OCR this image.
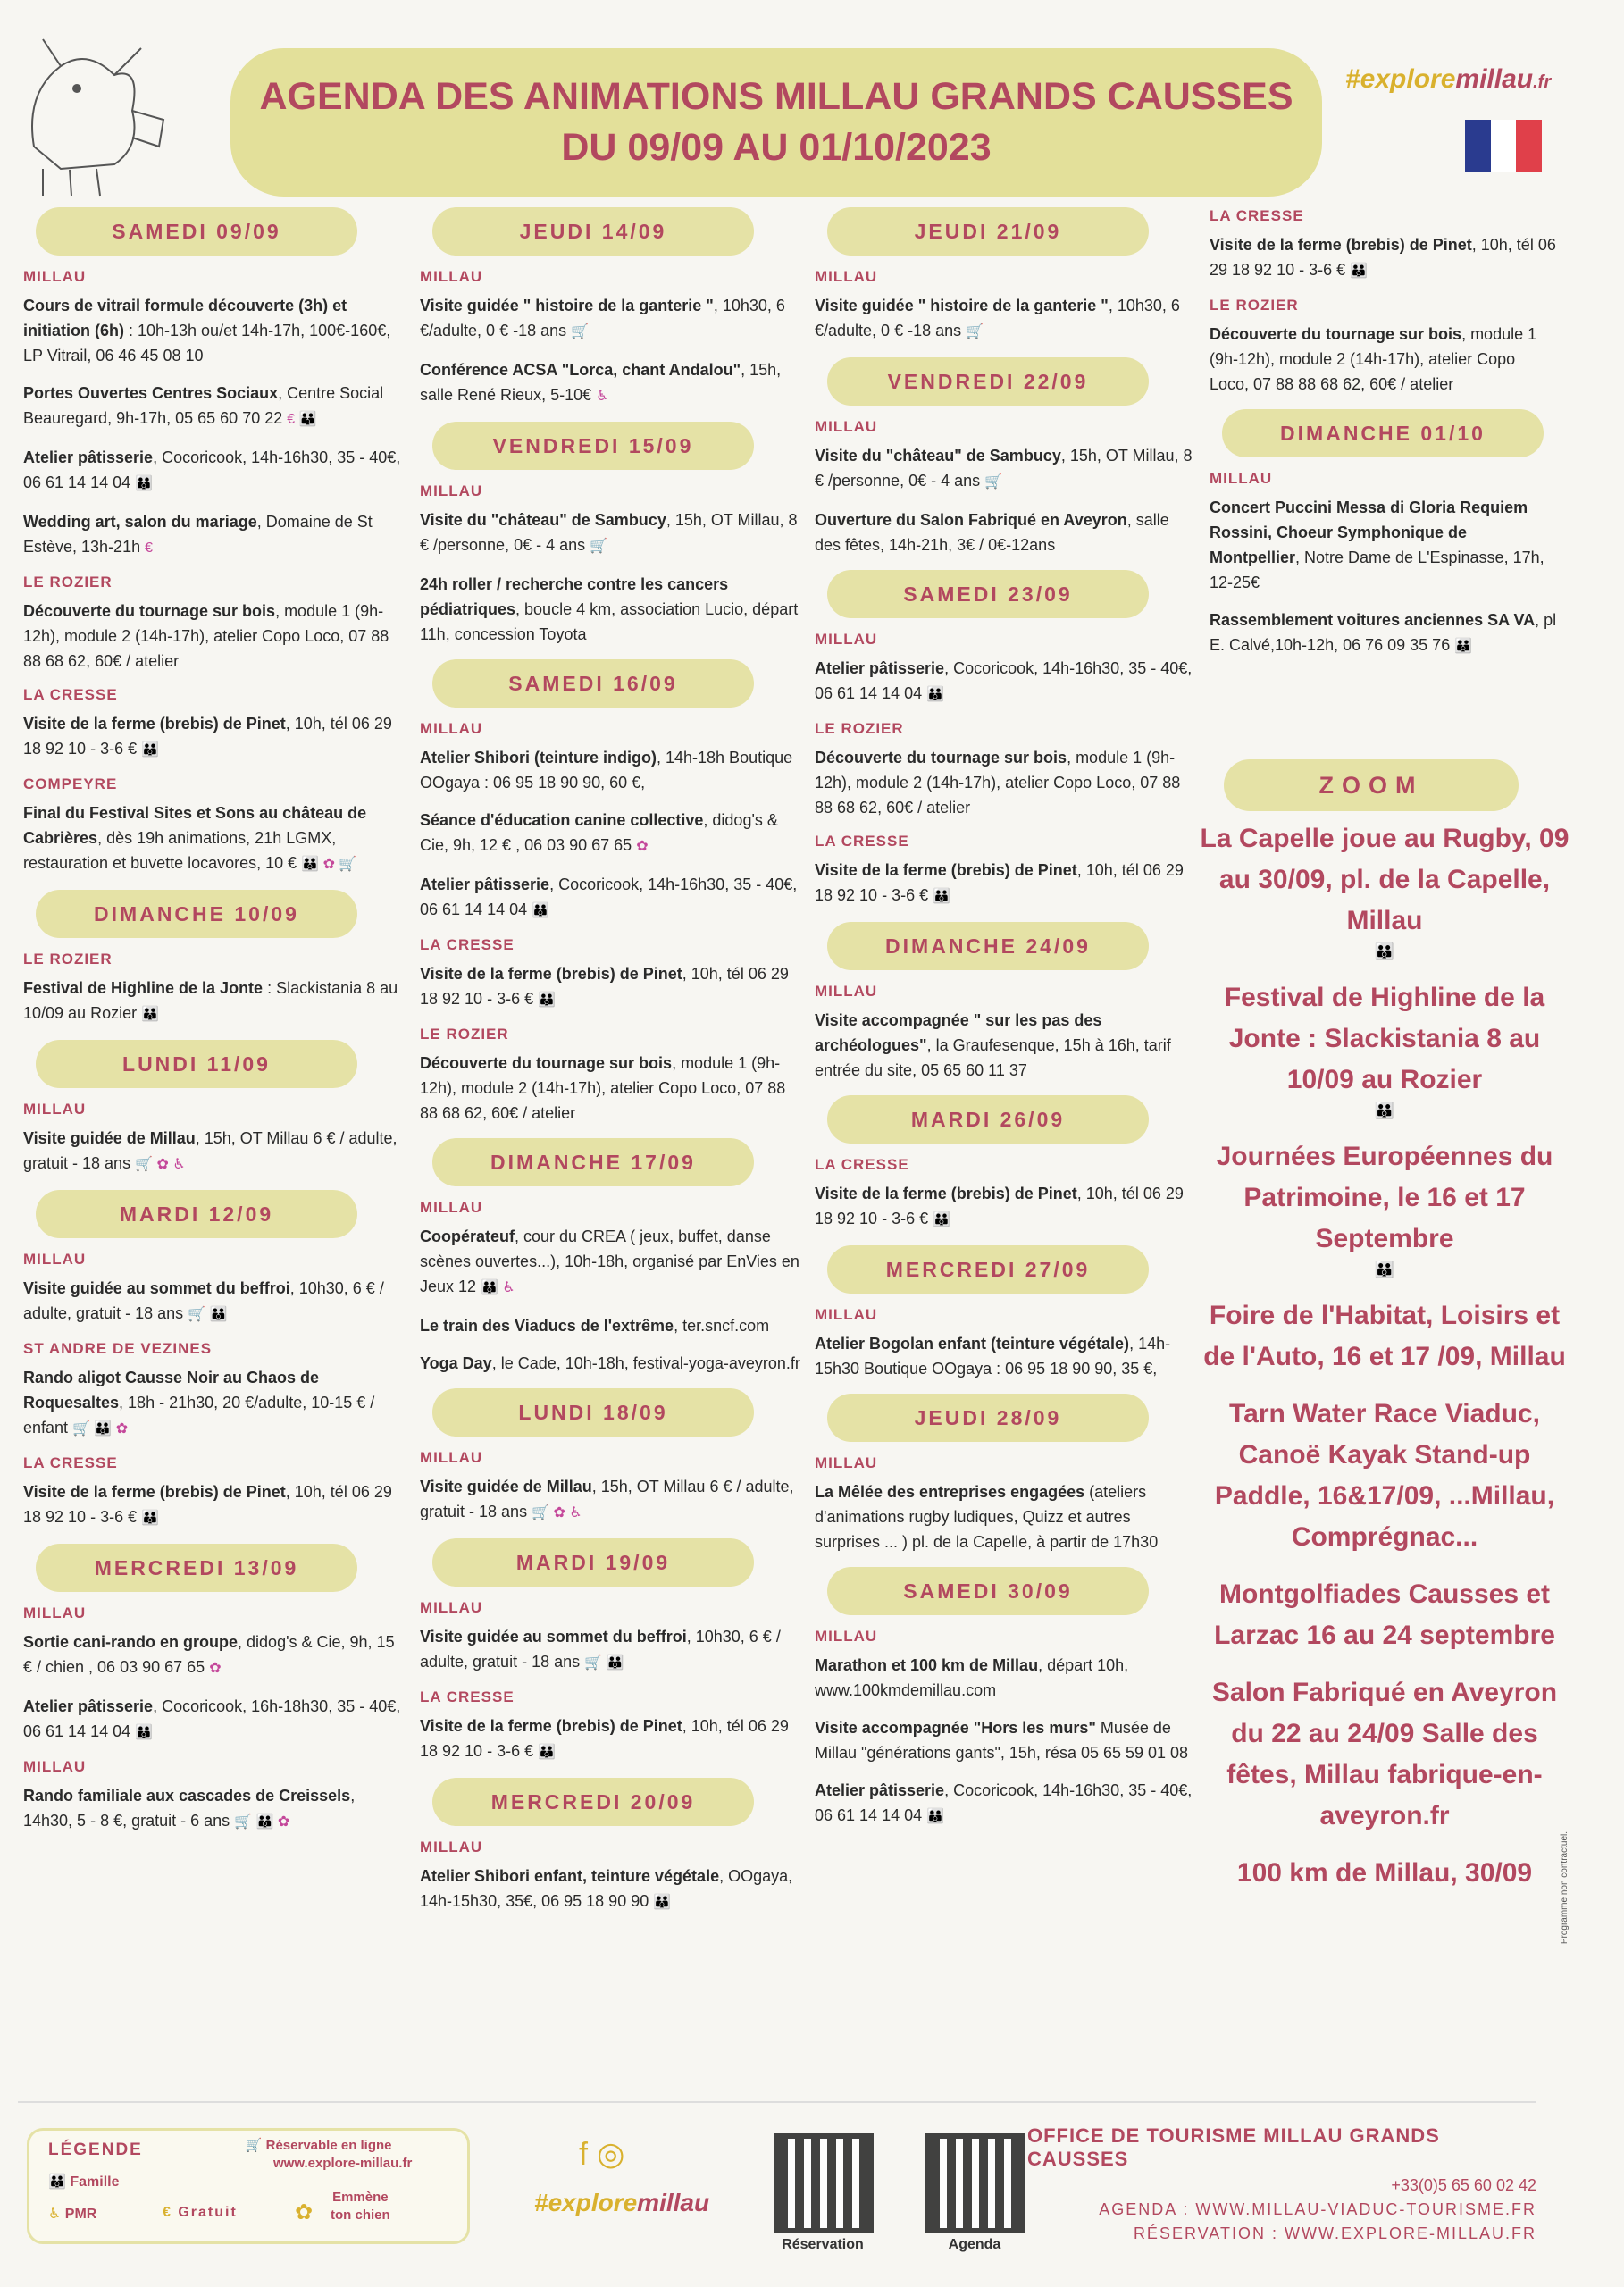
AGENDA DES ANIMATIONS MILLAU GRANDS CAUSSES
DU 09/09 AU 01/10/2023
#exploremillau.fr
SAMEDI 09/09
MILLAU
Cours de vitrail formule découverte (3h) et initiation (6h) : 10h-13h ou/et 14h-17h, 100€-160€, LP Vitrail, 06 46 45 08 10
Portes Ouvertes Centres Sociaux, Centre Social Beauregard, 9h-17h, 05 65 60 70 22 € 👪
Atelier pâtisserie, Cocoricook, 14h-16h30, 35 - 40€, 06 61 14 14 04 👪
Wedding art, salon du mariage, Domaine de St Estève, 13h-21h €
LE ROZIER
Découverte du tournage sur bois, module 1 (9h-12h), module 2 (14h-17h), atelier Copo Loco, 07 88 88 68 62, 60€ / atelier
LA CRESSE
Visite de la ferme (brebis) de Pinet, 10h, tél 06 29 18 92 10 - 3-6 € 👪
COMPEYRE
Final du Festival Sites et Sons au château de Cabrières, dès 19h animations, 21h LGMX, restauration et buvette locavores, 10 € 👪 ✿ 🛒
DIMANCHE 10/09
LE ROZIER
Festival de Highline de la Jonte : Slackistania 8 au 10/09 au Rozier 👪
LUNDI 11/09
MILLAU
Visite guidée de Millau, 15h, OT Millau 6 € / adulte, gratuit - 18 ans 🛒 ✿ ♿
MARDI 12/09
MILLAU
Visite guidée au sommet du beffroi, 10h30, 6 € / adulte, gratuit - 18 ans 🛒 👪
ST ANDRE DE VEZINES
Rando aligot Causse Noir au Chaos de Roquesaltes, 18h - 21h30, 20 €/adulte, 10-15 € / enfant 🛒 👪 ✿
LA CRESSE
Visite de la ferme (brebis) de Pinet, 10h, tél 06 29 18 92 10 - 3-6 € 👪
MERCREDI 13/09
MILLAU
Sortie cani-rando en groupe, didog's & Cie, 9h, 15 € / chien , 06 03 90 67 65 ✿
Atelier pâtisserie, Cocoricook, 16h-18h30, 35 - 40€, 06 61 14 14 04 👪
MILLAU
Rando familiale aux cascades de Creissels, 14h30, 5 - 8 €, gratuit - 6 ans 🛒 👪 ✿
JEUDI 14/09
MILLAU
Visite guidée " histoire de la ganterie ", 10h30, 6 €/adulte, 0 € -18 ans 🛒
Conférence ACSA "Lorca, chant Andalou", 15h, salle René Rieux, 5-10€ ♿
VENDREDI 15/09
MILLAU
Visite du "château" de Sambucy, 15h, OT Millau, 8 € /personne, 0€ - 4 ans 🛒
24h roller / recherche contre les cancers pédiatriques, boucle 4 km, association Lucio, départ 11h, concession Toyota
SAMEDI 16/09
MILLAU
Atelier Shibori (teinture indigo), 14h-18h Boutique OOgaya : 06 95 18 90 90, 60 €,
Séance d'éducation canine collective, didog's & Cie, 9h, 12 € , 06 03 90 67 65 ✿
Atelier pâtisserie, Cocoricook, 14h-16h30, 35 - 40€, 06 61 14 14 04 👪
LA CRESSE
Visite de la ferme (brebis) de Pinet, 10h, tél 06 29 18 92 10 - 3-6 € 👪
LE ROZIER
Découverte du tournage sur bois, module 1 (9h-12h), module 2 (14h-17h), atelier Copo Loco, 07 88 88 68 62, 60€ / atelier
DIMANCHE 17/09
MILLAU
Coopérateuf, cour du CREA ( jeux, buffet, danse scènes ouvertes...), 10h-18h, organisé par EnVies en Jeux 12 👪 ♿
Le train des Viaducs de l'extrême, ter.sncf.com
Yoga Day, le Cade, 10h-18h, festival-yoga-aveyron.fr
LUNDI 18/09
MILLAU
Visite guidée de Millau, 15h, OT Millau 6 € / adulte, gratuit - 18 ans 🛒 ✿ ♿
MARDI 19/09
MILLAU
Visite guidée au sommet du beffroi, 10h30, 6 € / adulte, gratuit - 18 ans 🛒 👪
LA CRESSE
Visite de la ferme (brebis) de Pinet, 10h, tél 06 29 18 92 10 - 3-6 € 👪
MERCREDI 20/09
MILLAU
Atelier Shibori enfant, teinture végétale, OOgaya, 14h-15h30, 35€, 06 95 18 90 90 👪
JEUDI 21/09
MILLAU
Visite guidée " histoire de la ganterie ", 10h30, 6 €/adulte, 0 € -18 ans 🛒
VENDREDI 22/09
MILLAU
Visite du "château" de Sambucy, 15h, OT Millau, 8 € /personne, 0€ - 4 ans 🛒
Ouverture du Salon Fabriqué en Aveyron, salle des fêtes, 14h-21h, 3€ / 0€-12ans
SAMEDI 23/09
MILLAU
Atelier pâtisserie, Cocoricook, 14h-16h30, 35 - 40€, 06 61 14 14 04 👪
LE ROZIER
Découverte du tournage sur bois, module 1 (9h-12h), module 2 (14h-17h), atelier Copo Loco, 07 88 88 68 62, 60€ / atelier
LA CRESSE
Visite de la ferme (brebis) de Pinet, 10h, tél 06 29 18 92 10 - 3-6 € 👪
DIMANCHE 24/09
MILLAU
Visite accompagnée " sur les pas des archéologues", la Graufesenque, 15h à 16h, tarif entrée du site, 05 65 60 11 37
MARDI 26/09
LA CRESSE
Visite de la ferme (brebis) de Pinet, 10h, tél 06 29 18 92 10 - 3-6 € 👪
MERCREDI 27/09
MILLAU
Atelier Bogolan enfant (teinture végétale), 14h-15h30 Boutique OOgaya : 06 95 18 90 90, 35 €,
JEUDI 28/09
MILLAU
La Mêlée des entreprises engagées (ateliers d'animations rugby ludiques, Quizz et autres surprises ... ) pl. de la Capelle, à partir de 17h30
SAMEDI 30/09
MILLAU
Marathon et 100 km de Millau, départ 10h, www.100kmdemillau.com
Visite accompagnée "Hors les murs" Musée de Millau "générations gants", 15h, résa 05 65 59 01 08
Atelier pâtisserie, Cocoricook, 14h-16h30, 35 - 40€, 06 61 14 14 04 👪
LA CRESSE
Visite de la ferme (brebis) de Pinet, 10h, tél 06 29 18 92 10 - 3-6 € 👪
LE ROZIER
Découverte du tournage sur bois, module 1 (9h-12h), module 2 (14h-17h), atelier Copo Loco, 07 88 88 68 62, 60€ / atelier
DIMANCHE 01/10
MILLAU
Concert Puccini Messa di Gloria Requiem Rossini, Choeur Symphonique de Montpellier, Notre Dame de L'Espinasse, 17h, 12-25€
Rassemblement voitures anciennes SA VA, pl E. Calvé,10h-12h, 06 76 09 35 76 👪
ZOOM
La Capelle joue au Rugby, 09 au 30/09, pl. de la Capelle, Millau
👪
Festival de Highline de la Jonte : Slackistania 8 au 10/09 au Rozier
👪
Journées Européennes du Patrimoine, le 16 et 17 Septembre
👪
Foire de l'Habitat, Loisirs et de l'Auto, 16 et 17 /09, Millau
Tarn Water Race Viaduc, Canoë Kayak Stand-up Paddle, 16&17/09, ...Millau, Comprégnac...
Montgolfiades Causses et Larzac 16 au 24 septembre
Salon Fabriqué en Aveyron du 22 au 24/09 Salle des fêtes, Millau fabrique-en-aveyron.fr
100 km de Millau, 30/09
LÉGENDE
👪 Famille
♿ PMR	€ Gratuit
🛒 Réservable en ligne
www.explore-millau.fr
Emmène
ton chien
✿
f ◎
#exploremillau
Réservation	Agenda
OFFICE DE TOURISME MILLAU GRANDS CAUSSES
+33(0)5 65 60 02 42
AGENDA : WWW.MILLAU-VIADUC-TOURISME.FR
RÉSERVATION : WWW.EXPLORE-MILLAU.FR
Programme non contractuel.
